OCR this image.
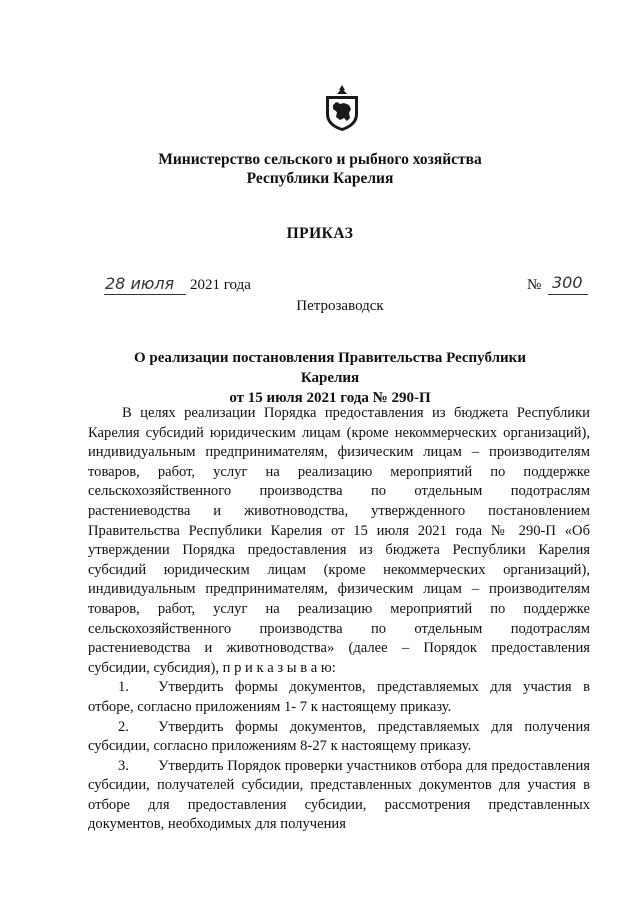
Министерство сельского и рыбного хозяйства
Республики Карелия
ПРИКАЗ
28 июля 2021 года	№ 300
Петрозаводск
О реализации постановления Правительства Республики Карелия
от 15 июля 2021 года № 290-П

В целях реализации Порядка предоставления из бюджета Республики Карелия субсидий юридическим лицам (кроме некоммерческих организаций), индивидуальным предпринимателям, физическим лицам – производителям товаров, работ, услуг на реализацию мероприятий по поддержке сельскохозяйственного производства по отдельным подотраслям растениеводства и животноводства, утвержденного постановлением Правительства Республики Карелия от 15 июля 2021 года № 290-П «Об утверждении Порядка предоставления из бюджета Республики Карелия субсидий юридическим лицам (кроме некоммерческих организаций), индивидуальным предпринимателям, физическим лицам – производителям товаров, работ, услуг на реализацию мероприятий по поддержке сельскохозяйственного производства по отдельным подотраслям растениеводства и животноводства» (далее – Порядок предоставления субсидии, субсидия), п р и к а з ы в а ю:

1.  Утвердить формы документов, представляемых для участия в отборе, согласно приложениям 1- 7 к настоящему приказу.

2.  Утвердить формы документов, представляемых для получения субсидии, согласно приложениям 8-27 к настоящему приказу.

3.  Утвердить Порядок проверки участников отбора для предоставления субсидии, получателей субсидии, представленных документов для участия в отборе для предоставления субсидии, рассмотрения представленных документов, необходимых для получения
